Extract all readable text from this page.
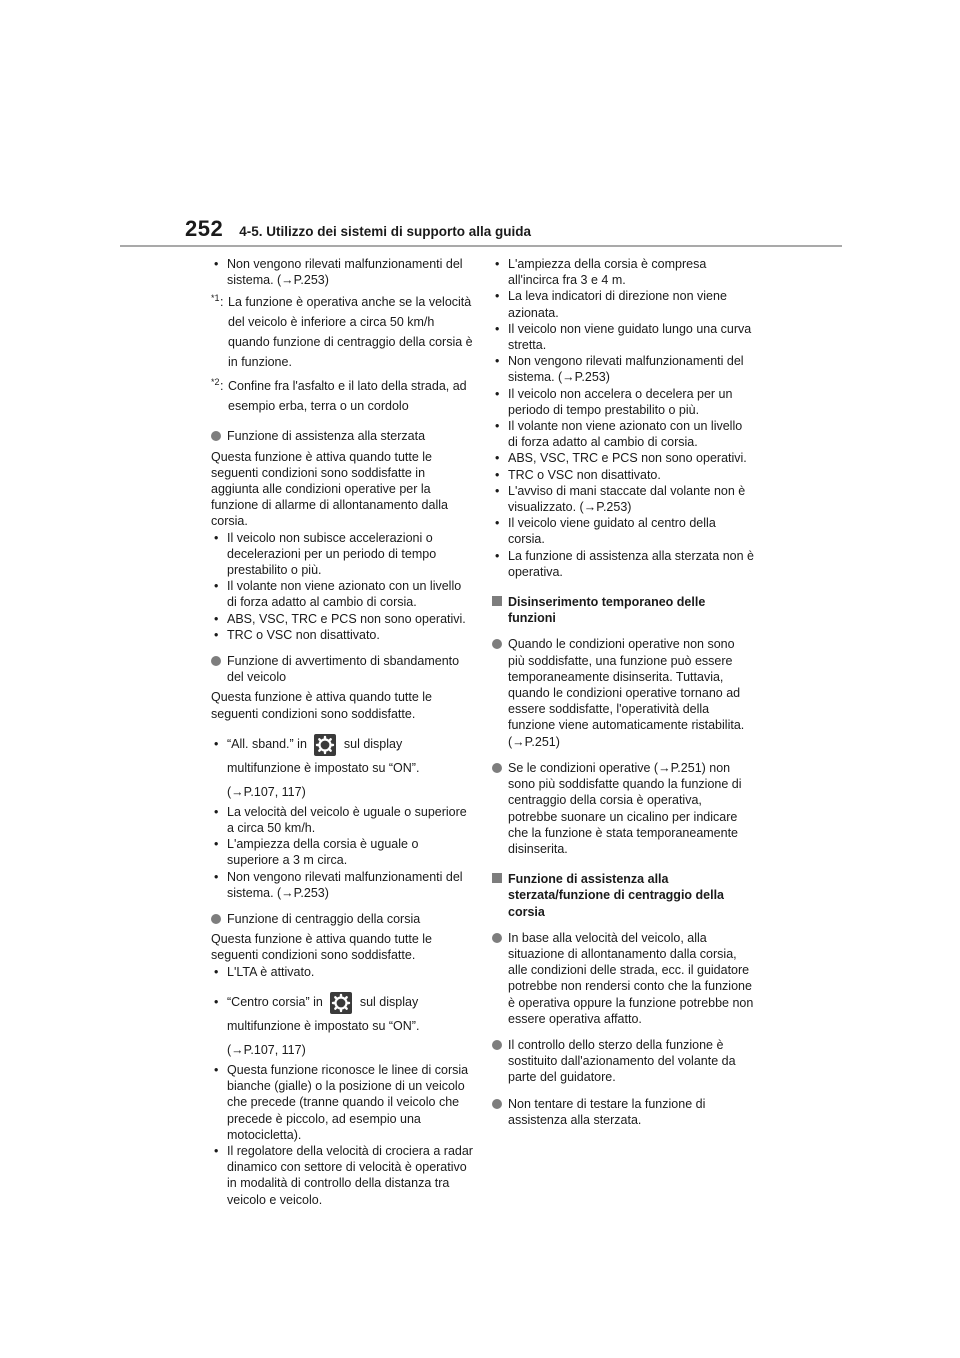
252 4-5. Utilizzo dei sistemi di supporto alla guida
• Non vengono rilevati malfunzionamenti del sistema. (→P.253)
*1 : La funzione è operativa anche se la velocità del veicolo è inferiore a circa 50 km/h quando funzione di centraggio della corsia è in funzione.
*2 : Confine fra l'asfalto e il lato della strada, ad esempio erba, terra o un cordolo
Funzione di assistenza alla sterzata
Questa funzione è attiva quando tutte le seguenti condizioni sono soddisfatte in aggiunta alle condizioni operative per la funzione di allarme di allontanamento dalla corsia.
• Il veicolo non subisce accelerazioni o decelerazioni per un periodo di tempo prestabilito o più.
• Il volante non viene azionato con un livello di forza adatto al cambio di corsia.
• ABS, VSC, TRC e PCS non sono operativi.
• TRC o VSC non disattivato.
Funzione di avvertimento di sbandamento del veicolo
Questa funzione è attiva quando tutte le seguenti condizioni sono soddisfatte.
• “All. sband.” in	sul display multifunzione è impostato su “ON”. (→P.107, 117)
• La velocità del veicolo è uguale o superiore a circa 50 km/h.
• L'ampiezza della corsia è uguale o superiore a 3 m circa.
• Non vengono rilevati malfunzionamenti del sistema. (→P.253)
Funzione di centraggio della corsia
Questa funzione è attiva quando tutte le seguenti condizioni sono soddisfatte.
• L'LTA è attivato.
• “Centro corsia” in	sul display multifunzione è impostato su “ON”. (→P.107, 117)
• Questa funzione riconosce le linee di corsia bianche (gialle) o la posizione di un veicolo che precede (tranne quando il veicolo che precede è piccolo, ad esempio una motocicletta).
• Il regolatore della velocità di crociera a radar dinamico con settore di velocità è operativo in modalità di controllo della distanza tra veicolo e veicolo.
• L'ampiezza della corsia è compresa all'incirca fra 3 e 4 m.
• La leva indicatori di direzione non viene azionata.
• Il veicolo non viene guidato lungo una curva stretta.
• Non vengono rilevati malfunzionamenti del sistema. (→P.253)
• Il veicolo non accelera o decelera per un periodo di tempo prestabilito o più.
• Il volante non viene azionato con un livello di forza adatto al cambio di corsia.
• ABS, VSC, TRC e PCS non sono operativi.
• TRC o VSC non disattivato.
• L'avviso di mani staccate dal volante non è visualizzato. (→P.253)
• Il veicolo viene guidato al centro della corsia.
• La funzione di assistenza alla sterzata non è operativa.
Disinserimento temporaneo delle funzioni
Quando le condizioni operative non sono più soddisfatte, una funzione può essere temporaneamente disinserita. Tuttavia, quando le condizioni operative tornano ad essere soddisfatte, l'operatività della funzione viene automaticamente ristabilita. (→P.251)
Se le condizioni operative (→P.251) non sono più soddisfatte quando la funzione di centraggio della corsia è operativa, potrebbe suonare un cicalino per indicare che la funzione è stata temporaneamente disinserita.
Funzione di assistenza alla sterzata/funzione di centraggio della corsia
In base alla velocità del veicolo, alla situazione di allontanamento dalla corsia, alle condizioni delle strada, ecc. il guidatore potrebbe non rendersi conto che la funzione è operativa oppure la funzione potrebbe non essere operativa affatto.
Il controllo dello sterzo della funzione è sostituito dall'azionamento del volante da parte del guidatore.
Non tentare di testare la funzione di assistenza alla sterzata.
